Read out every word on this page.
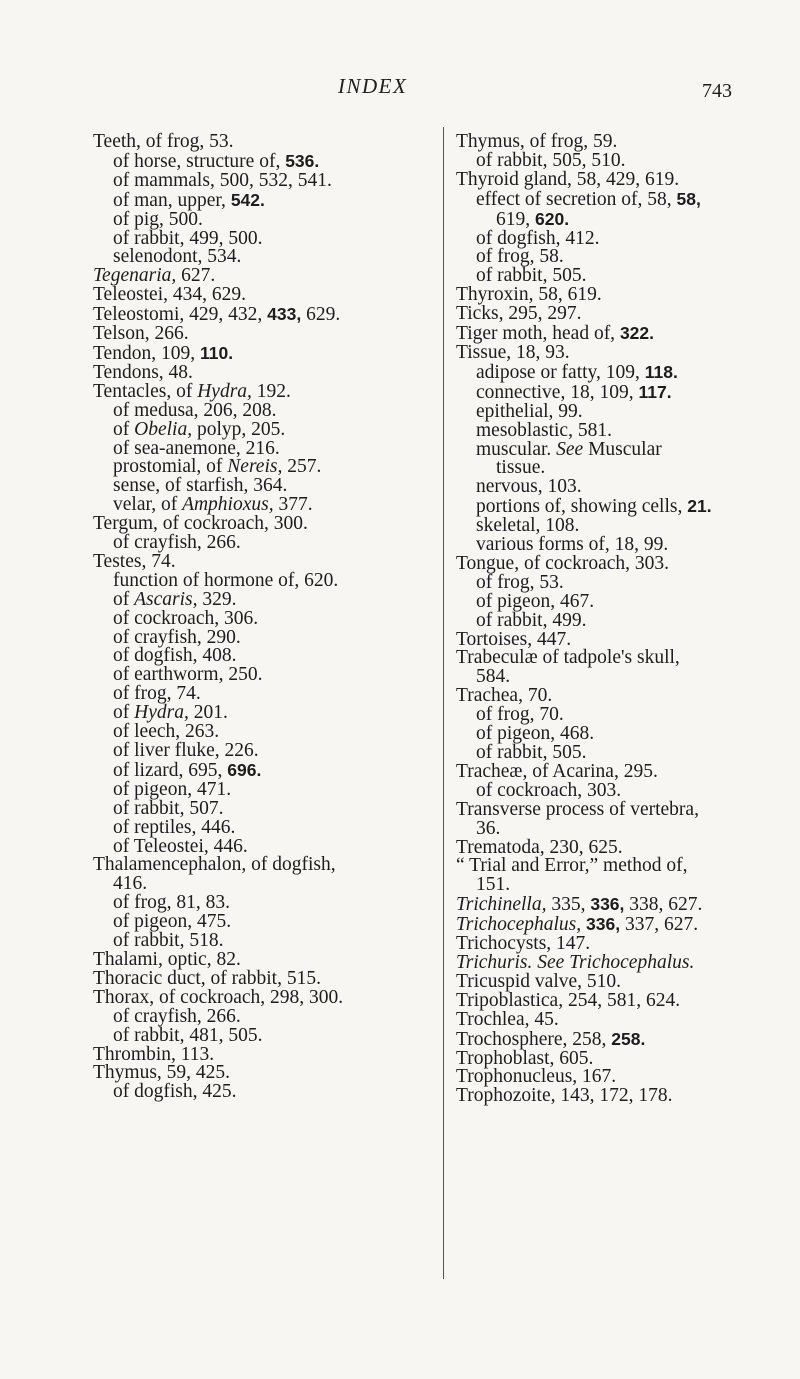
INDEX	743
Teeth, of frog, 53.
of horse, structure of, 536.
of mammals, 500, 532, 541.
of man, upper, 542.
of pig, 500.
of rabbit, 499, 500.
selenodont, 534.
Tegenaria, 627.
Teleostei, 434, 629.
Teleostomi, 429, 432, 433, 629.
Telson, 266.
Tendon, 109, 110.
Tendons, 48.
Tentacles, of Hydra, 192.
of medusa, 206, 208.
of Obelia, polyp, 205.
of sea-anemone, 216.
prostomial, of Nereis, 257.
sense, of starfish, 364.
velar, of Amphioxus, 377.
Tergum, of cockroach, 300.
of crayfish, 266.
Testes, 74.
function of hormone of, 620.
of Ascaris, 329.
of cockroach, 306.
of crayfish, 290.
of dogfish, 408.
of earthworm, 250.
of frog, 74.
of Hydra, 201.
of leech, 263.
of liver fluke, 226.
of lizard, 695, 696.
of pigeon, 471.
of rabbit, 507.
of reptiles, 446.
of Teleostei, 446.
Thalamencephalon, of dogfish,
416.
of frog, 81, 83.
of pigeon, 475.
of rabbit, 518.
Thalami, optic, 82.
Thoracic duct, of rabbit, 515.
Thorax, of cockroach, 298, 300.
of crayfish, 266.
of rabbit, 481, 505.
Thrombin, 113.
Thymus, 59, 425.
of dogfish, 425.
Thymus, of frog, 59.
of rabbit, 505, 510.
Thyroid gland, 58, 429, 619.
effect of secretion of, 58, 58,
619, 620.
of dogfish, 412.
of frog, 58.
of rabbit, 505.
Thyroxin, 58, 619.
Ticks, 295, 297.
Tiger moth, head of, 322.
Tissue, 18, 93.
adipose or fatty, 109, 118.
connective, 18, 109, 117.
epithelial, 99.
mesoblastic, 581.
muscular. See Muscular
tissue.
nervous, 103.
portions of, showing cells, 21.
skeletal, 108.
various forms of, 18, 99.
Tongue, of cockroach, 303.
of frog, 53.
of pigeon, 467.
of rabbit, 499.
Tortoises, 447.
Trabeculæ of tadpole's skull,
584.
Trachea, 70.
of frog, 70.
of pigeon, 468.
of rabbit, 505.
Tracheæ, of Acarina, 295.
of cockroach, 303.
Transverse process of vertebra,
36.
Trematoda, 230, 625.
“ Trial and Error,” method of,
151.
Trichinella, 335, 336, 338, 627.
Trichocephalus, 336, 337, 627.
Trichocysts, 147.
Trichuris. See Trichocephalus.
Tricuspid valve, 510.
Tripoblastica, 254, 581, 624.
Trochlea, 45.
Trochosphere, 258, 258.
Trophoblast, 605.
Trophonucleus, 167.
Trophozoite, 143, 172, 178.
